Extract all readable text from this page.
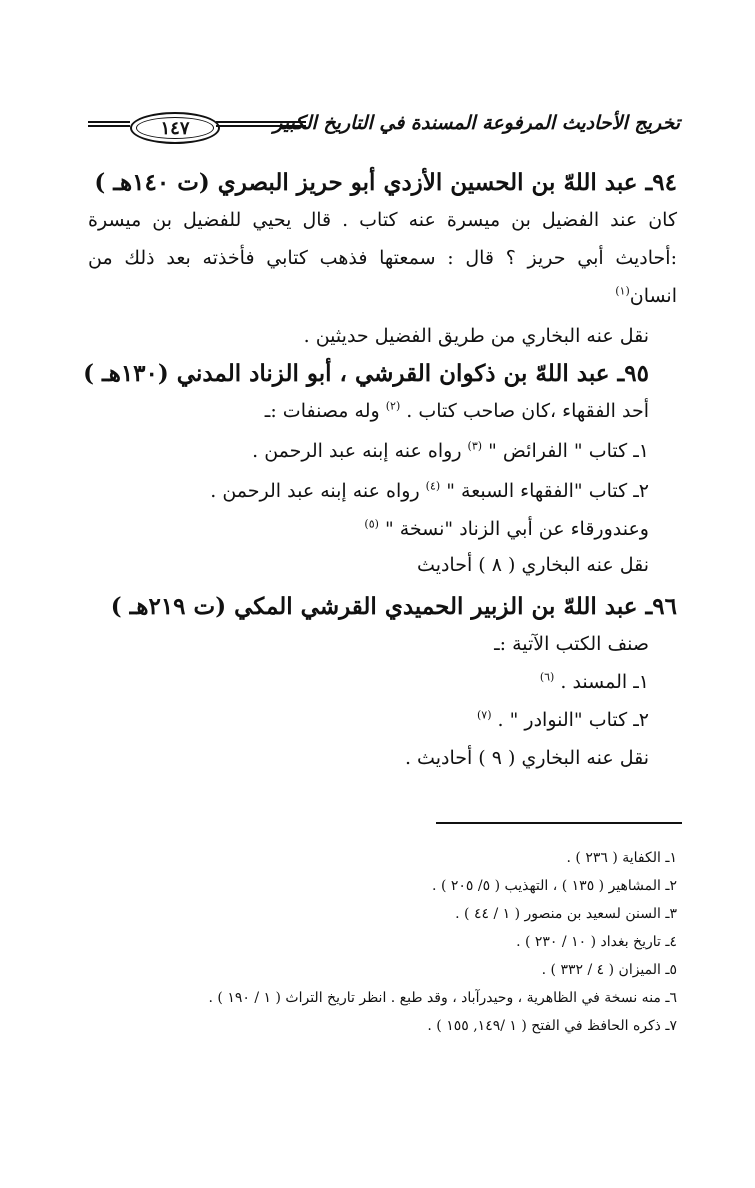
١٤٧	تخريج الأحاديث المرفوعة المسندة في التاريخ الكبير
٩٤ـ عبد اللهّ بن الحسين الأزدي أبو حريز البصري (ت ١٤٠هـ )
كان عند الفضيل بن ميسرة عنه كتاب . قال يحيي للفضيل بن ميسرة
:أحاديث أبي حريز ؟ قال : سمعتها فذهب كتابي فأخذته بعد ذلك من
انسان$^{(١)}$
نقل عنه البخاري من طريق الفضيل حديثين .
٩٥ـ عبد اللهّ بن ذكوان القرشي ، أبو الزناد المدني (١٣٠هـ )
أحد الفقهاء ،كان صاحب كتاب . $^{(٢)}$ وله مصنفات :ـ
١ـ كتاب " الفرائض " $^{(٣)}$ رواه عنه إبنه عبد الرحمن .
٢ـ كتاب "الفقهاء السبعة " $^{(٤)}$ رواه عنه إبنه عبد الرحمن .
وعندورقاء عن أبي الزناد "نسخة " $^{(٥)}$
نقل عنه البخاري ( ٨ ) أحاديث
٩٦ـ عبد اللهّ بن الزبير الحميدي القرشي المكي (ت ٢١٩هـ )
صنف الكتب الآتية :ـ
١ـ المسند . $^{(٦)}$
٢ـ كتاب "النوادر " . $^{(٧)}$
نقل عنه البخاري ( ٩ ) أحاديث .
١ـ الكفاية ( ٢٣٦ ) .
٢ـ المشاهير ( ١٣٥ ) ، التهذيب ( ٥/ ٢٠٥ ) .
٣ـ السنن لسعيد بن منصور ( ١ / ٤٤ ) .
٤ـ تاريخ بغداد ( ١٠ / ٢٣٠ ) .
٥ـ الميزان ( ٤ / ٣٣٢ ) .
٦ـ منه نسخة في الظاهرية ، وحيدرآباد ، وقد طبع . انظر تاريخ التراث ( ١ / ١٩٠ ) .
٧ـ ذكره الحافظ في الفتح ( ١ /١٤٩, ١٥٥ ) .
